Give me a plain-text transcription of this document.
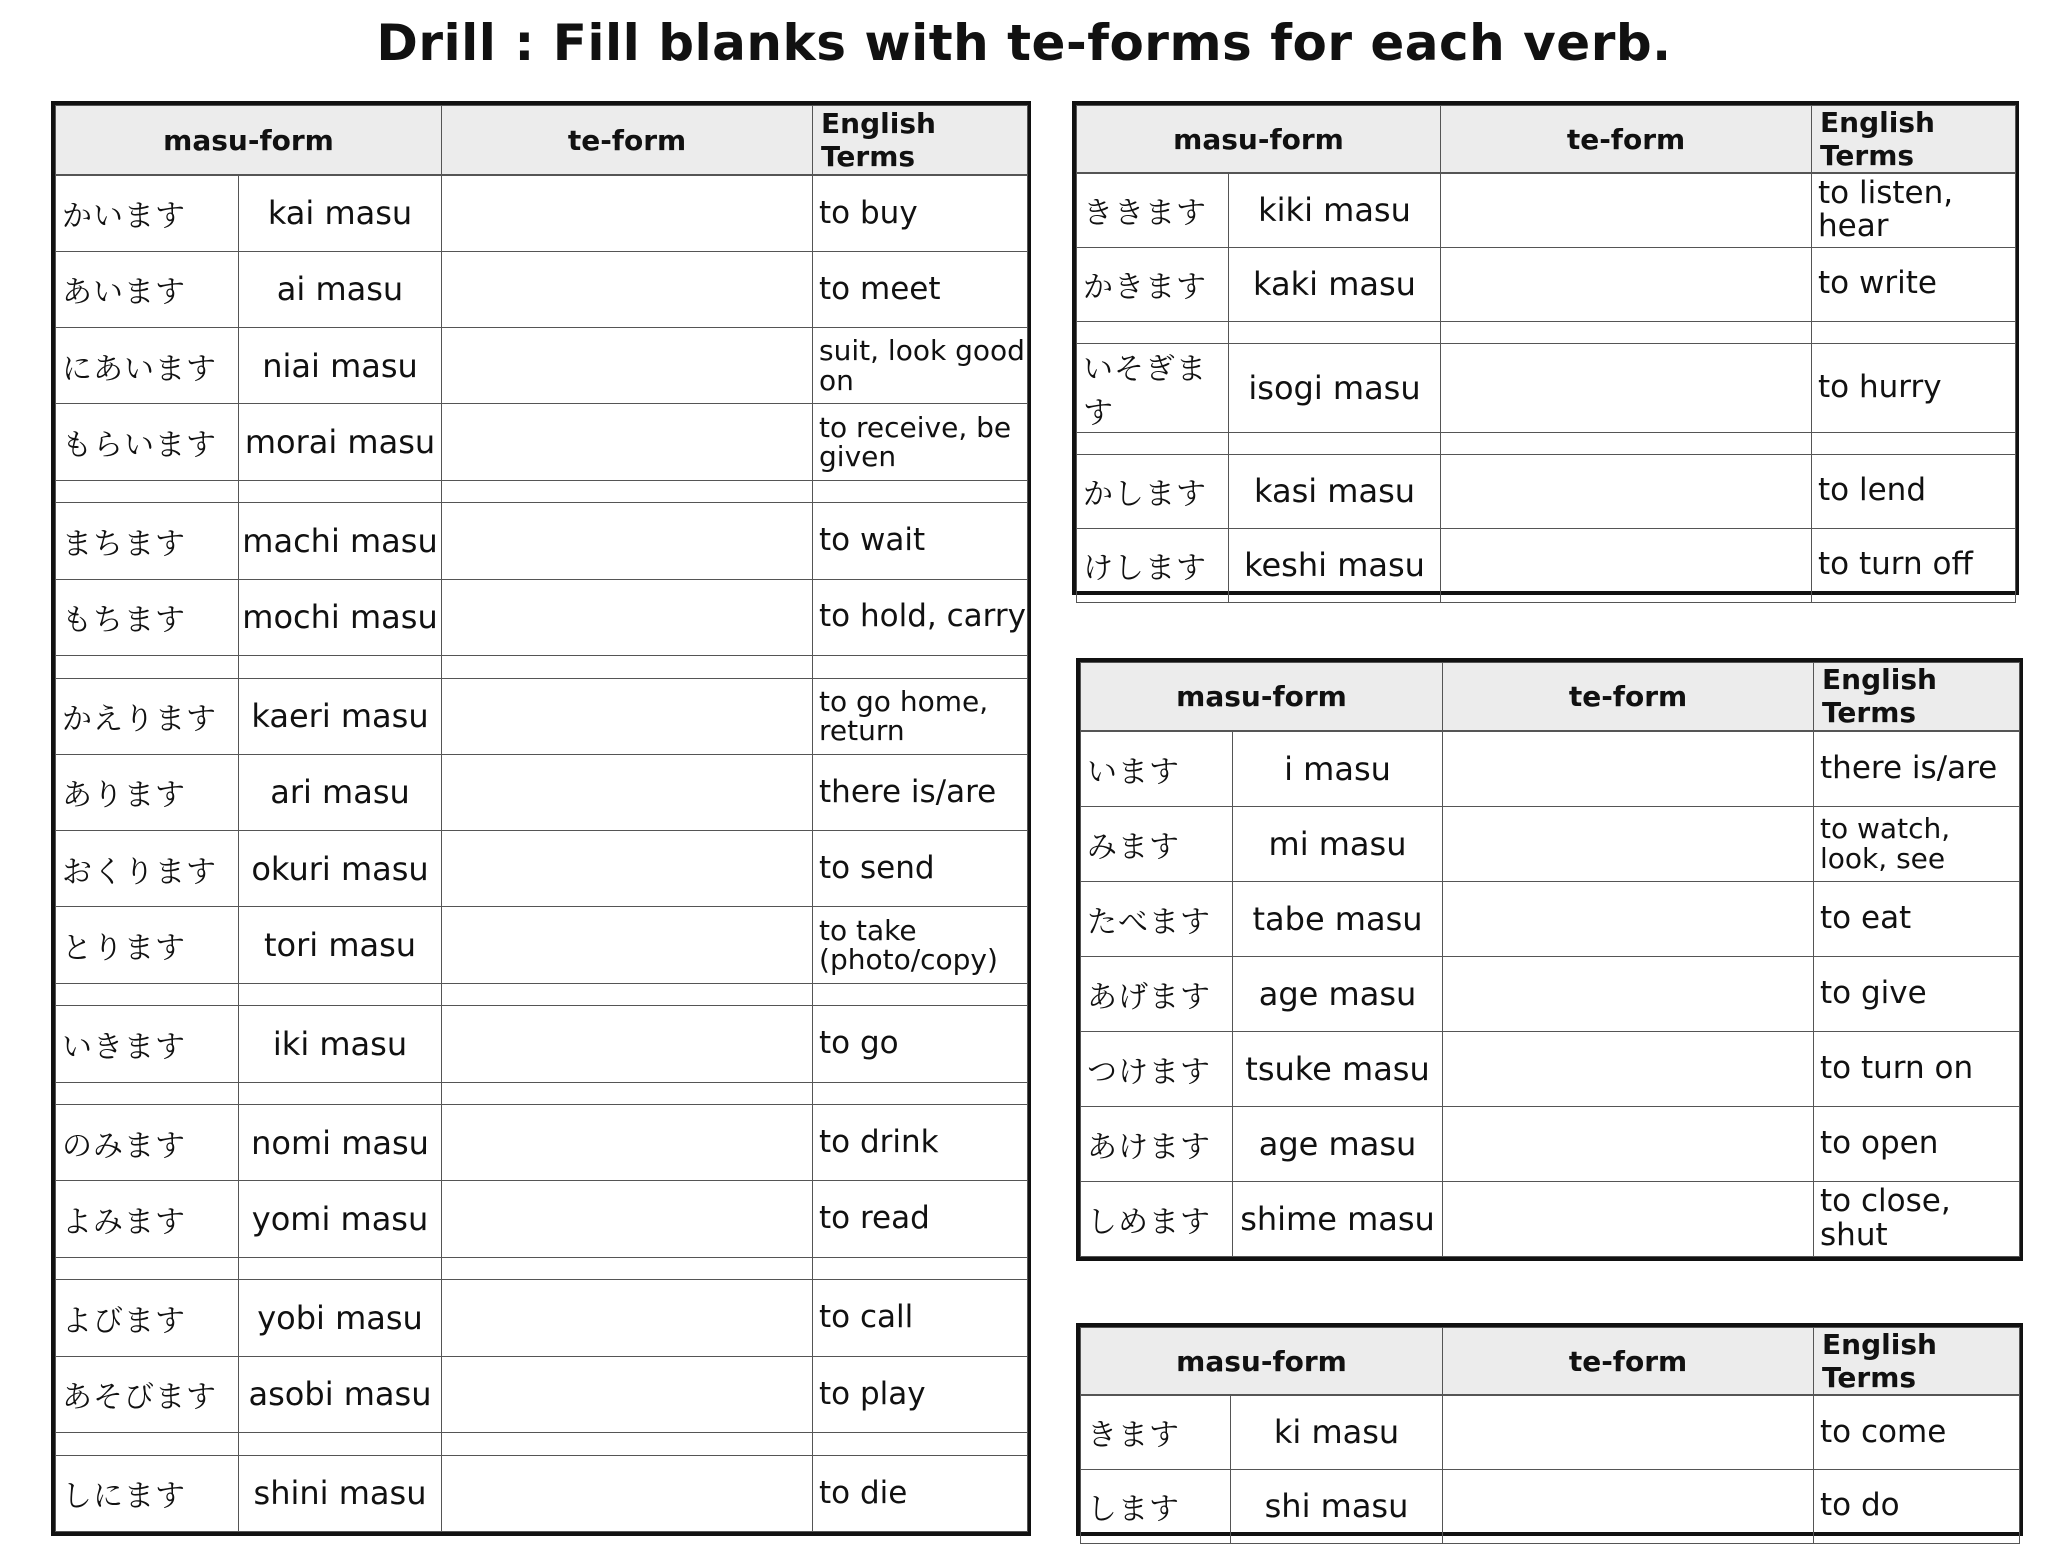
Drill : Fill blanks with te-forms for each verb.
masu-form		te-form	English Terms
かいます	kai masu		to buy
あいます	ai masu		to meet
にあいます	niai masu		suit, look good on
もらいます	morai masu		to receive, be given

まちます	machi masu		to wait
もちます	mochi masu		to hold, carry

かえります	kaeri masu		to go home, return
あります	ari masu		there is/are
おくります	okuri masu		to send
とります	tori masu		to take (photo/copy)

いきます	iki masu		to go

のみます	nomi masu		to drink
よみます	yomi masu		to read

よびます	yobi masu		to call
あそびます	asobi masu		to play

しにます	shini masu		to die
masu-form		te-form	English Terms
ききます	kiki masu		to listen, hear
かきます	kaki masu		to write

いそぎます	isogi masu		to hurry

かします	kasi masu		to lend
けします	keshi masu		to turn off
masu-form		te-form	English Terms
います	i masu		there is/are
みます	mi masu		to watch, look, see
たべます	tabe masu		to eat
あげます	age masu		to give
つけます	tsuke masu		to turn on
あけます	age masu		to open
しめます	shime masu		to close, shut
masu-form		te-form	English Terms
きます	ki masu		to come
します	shi masu		to do
